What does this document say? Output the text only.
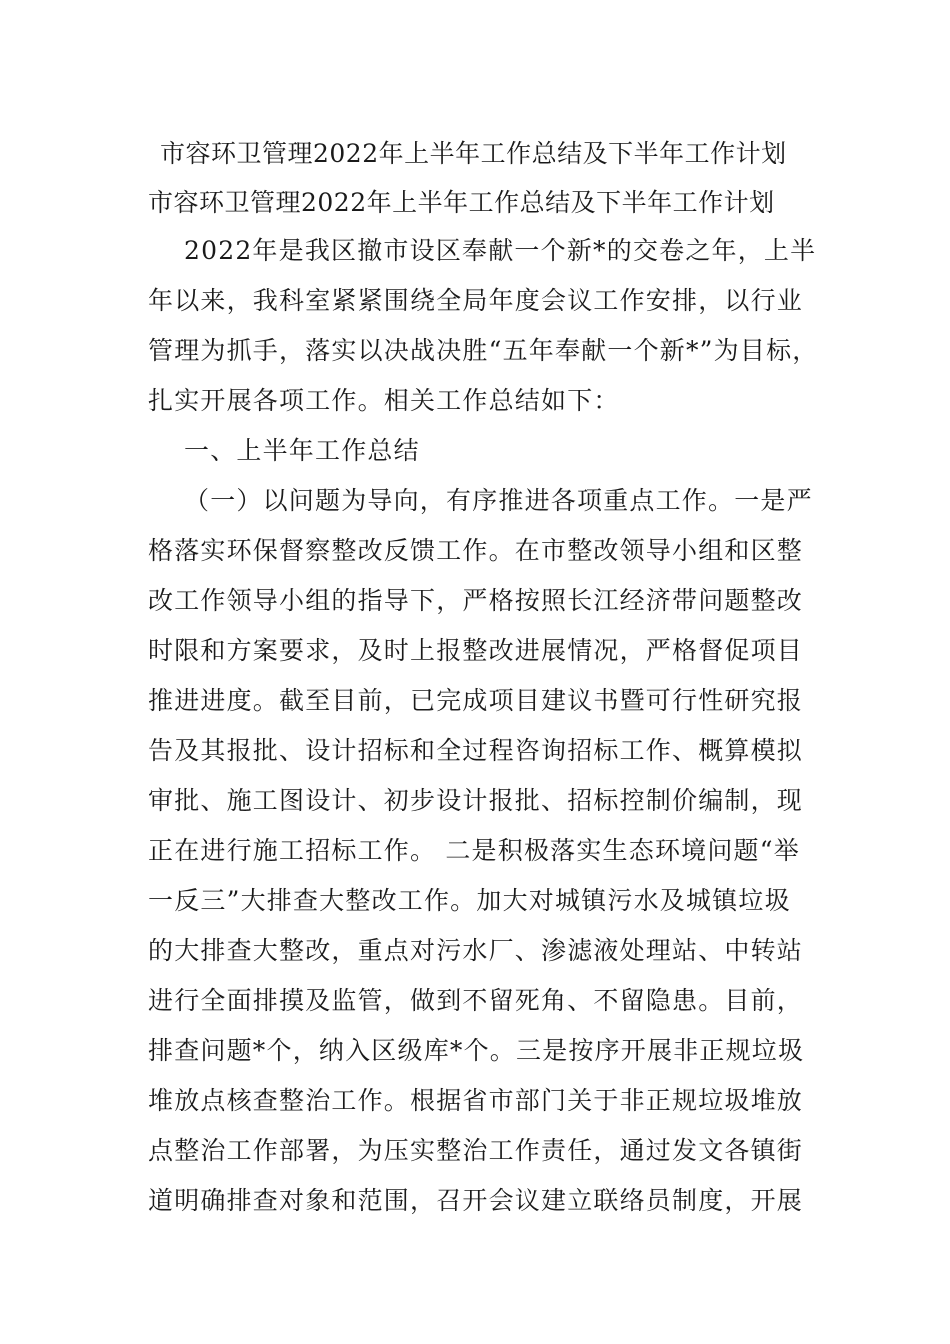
市容环卫管理2022年上半年工作总结及下半年工作计划
市容环卫管理2022年上半年工作总结及下半年工作计划
2022年是我区撤市设区奉献一个新*的交卷之年，上半
年以来，我科室紧紧围绕全局年度会议工作安排，以行业
管理为抓手，落实以决战决胜“五年奉献一个新*”为目标，
扎实开展各项工作。相关工作总结如下：
一、上半年工作总结
（一）以问题为导向，有序推进各项重点工作。一是严
格落实环保督察整改反馈工作。在市整改领导小组和区整
改工作领导小组的指导下，严格按照长江经济带问题整改
时限和方案要求，及时上报整改进展情况，严格督促项目
推进进度。截至目前，已完成项目建议书暨可行性研究报
告及其报批、设计招标和全过程咨询招标工作、概算模拟
审批、施工图设计、初步设计报批、招标控制价编制，现
正在进行施工招标工作。 二是积极落实生态环境问题“举
一反三”大排查大整改工作。加大对城镇污水及城镇垃圾
的大排查大整改，重点对污水厂、渗滤液处理站、中转站
进行全面排摸及监管，做到不留死角、不留隐患。目前，
排查问题*个，纳入区级库*个。三是按序开展非正规垃圾
堆放点核查整治工作。根据省市部门关于非正规垃圾堆放
点整治工作部署，为压实整治工作责任，通过发文各镇街
道明确排查对象和范围，召开会议建立联络员制度，开展
